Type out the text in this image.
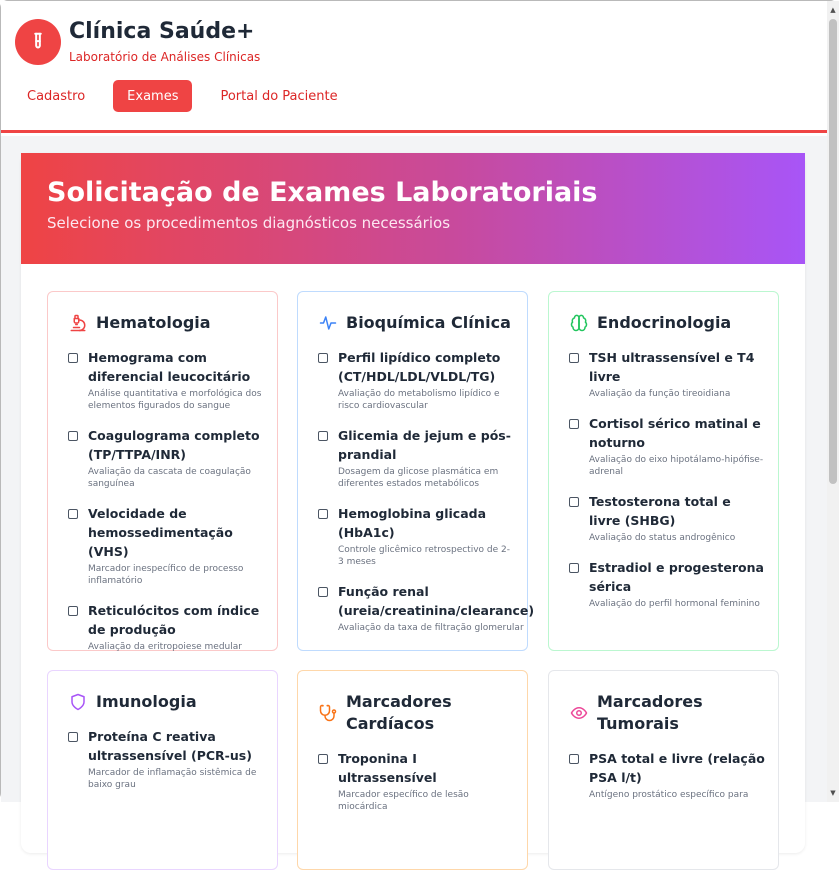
Clínica Saúde+
Laboratório de Análises Clínicas
Cadastro	Exames	Portal do Paciente
Solicitação de Exames Laboratoriais
Selecione os procedimentos diagnósticos necessários
Hematologia
Hemograma com diferencial leucocitário
Análise quantitativa e morfológica dos elementos figurados do sangue
Coagulograma completo (TP/TTPA/INR)
Avaliação da cascata de coagulação sanguínea
Velocidade de hemossedimentação (VHS)
Marcador inespecífico de processo inflamatório
Reticulócitos com índice de produção
Avaliação da eritropoiese medular
Bioquímica Clínica
Perfil lipídico completo (CT/HDL/LDL/VLDL/TG)
Avaliação do metabolismo lipídico e risco cardiovascular
Glicemia de jejum e pós-prandial
Dosagem da glicose plasmática em diferentes estados metabólicos
Hemoglobina glicada (HbA1c)
Controle glicêmico retrospectivo de 2-3 meses
Função renal (ureia/creatinina/clearance)
Avaliação da taxa de filtração glomerular
Endocrinologia
TSH ultrassensível e T4 livre
Avaliação da função tireoidiana
Cortisol sérico matinal e noturno
Avaliação do eixo hipotálamo-hipófise-adrenal
Testosterona total e livre (SHBG)
Avaliação do status androgênico
Estradiol e progesterona sérica
Avaliação do perfil hormonal feminino
Imunologia
Proteína C reativa ultrassensível (PCR-us)
Marcador de inflamação sistêmica de baixo grau
Marcadores Cardíacos
Troponina I ultrassensível
Marcador específico de lesão miocárdica
Marcadores Tumorais
PSA total e livre (relação PSA l/t)
Antígeno prostático específico para
▲
▼
